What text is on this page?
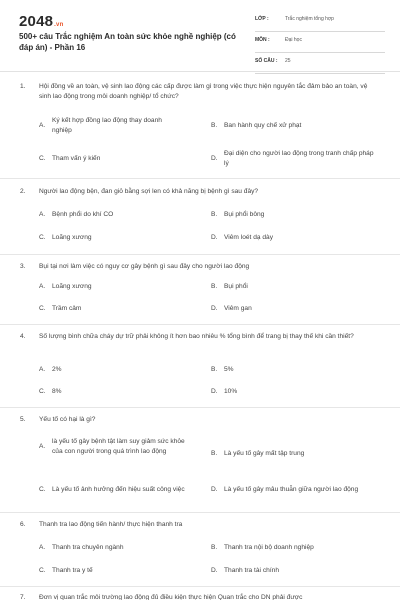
2048.vn
500+ câu Trắc nghiệm An toàn sức khỏe nghề nghiệp (có đáp án) - Phần 16
LỚP :	Trắc nghiệm tổng hợp
MÔN :	Đại học
SỐ CÂU :	25
1.	Hội đồng về an toàn, vệ sinh lao động các cấp được làm gì trong việc thực hiện nguyên tắc đảm bảo an toàn, vệ sinh lao động trong môi doanh nghiệp/ tổ chức?
A.
Ký kết hợp đồng lao động thay doanh nghiệp
B.	Ban hành quy chế xử phạt
C. Tham vấn ý kiến	D.
Đại diện cho người lao động trong tranh chấp pháp lý
2.	Người lao động bện, đan giỏ bằng sợi len có khả năng bị bệnh gì sau đây?
A.	Bệnh phổi do khí CO	B.	Bụi phổi bông
C. Loãng xương	D. Viêm loét dạ dày
3.	Bụi tại nơi làm việc có nguy cơ gây bệnh gì sau đây cho người lao động
A.	Loãng xương	B.	Bụi phổi
C. Trầm cảm	D. Viêm gan
4.	Số lượng bình chữa cháy dự trữ phải không ít hơn bao nhiêu % tổng bình để trang bị thay thế khi cần thiết?
A.	2%	B.	5%
C. 8%	D. 10%
5.	Yếu tố có hại là gì?
A.
là yếu tố gây bệnh tật làm suy giảm sức khỏe của con người trong quá trình lao động	B.	Là yếu tố gây mất tập trung
C. Là yếu tố ảnh hưởng đến hiệu suất công việc	D. Là yếu tố gây mâu thuẫn giữa người lao động
6.	Thanh tra lao động tiến hành/ thực hiện thanh tra
A.	Thanh tra chuyên ngành	B.	Thanh tra nội bộ doanh nghiệp
C. Thanh tra y tế	D. Thanh tra tài chính
7.	Đơn vị quan trắc môi trường lao động đủ điều kiện thực hiện Quan trắc cho DN phải được
